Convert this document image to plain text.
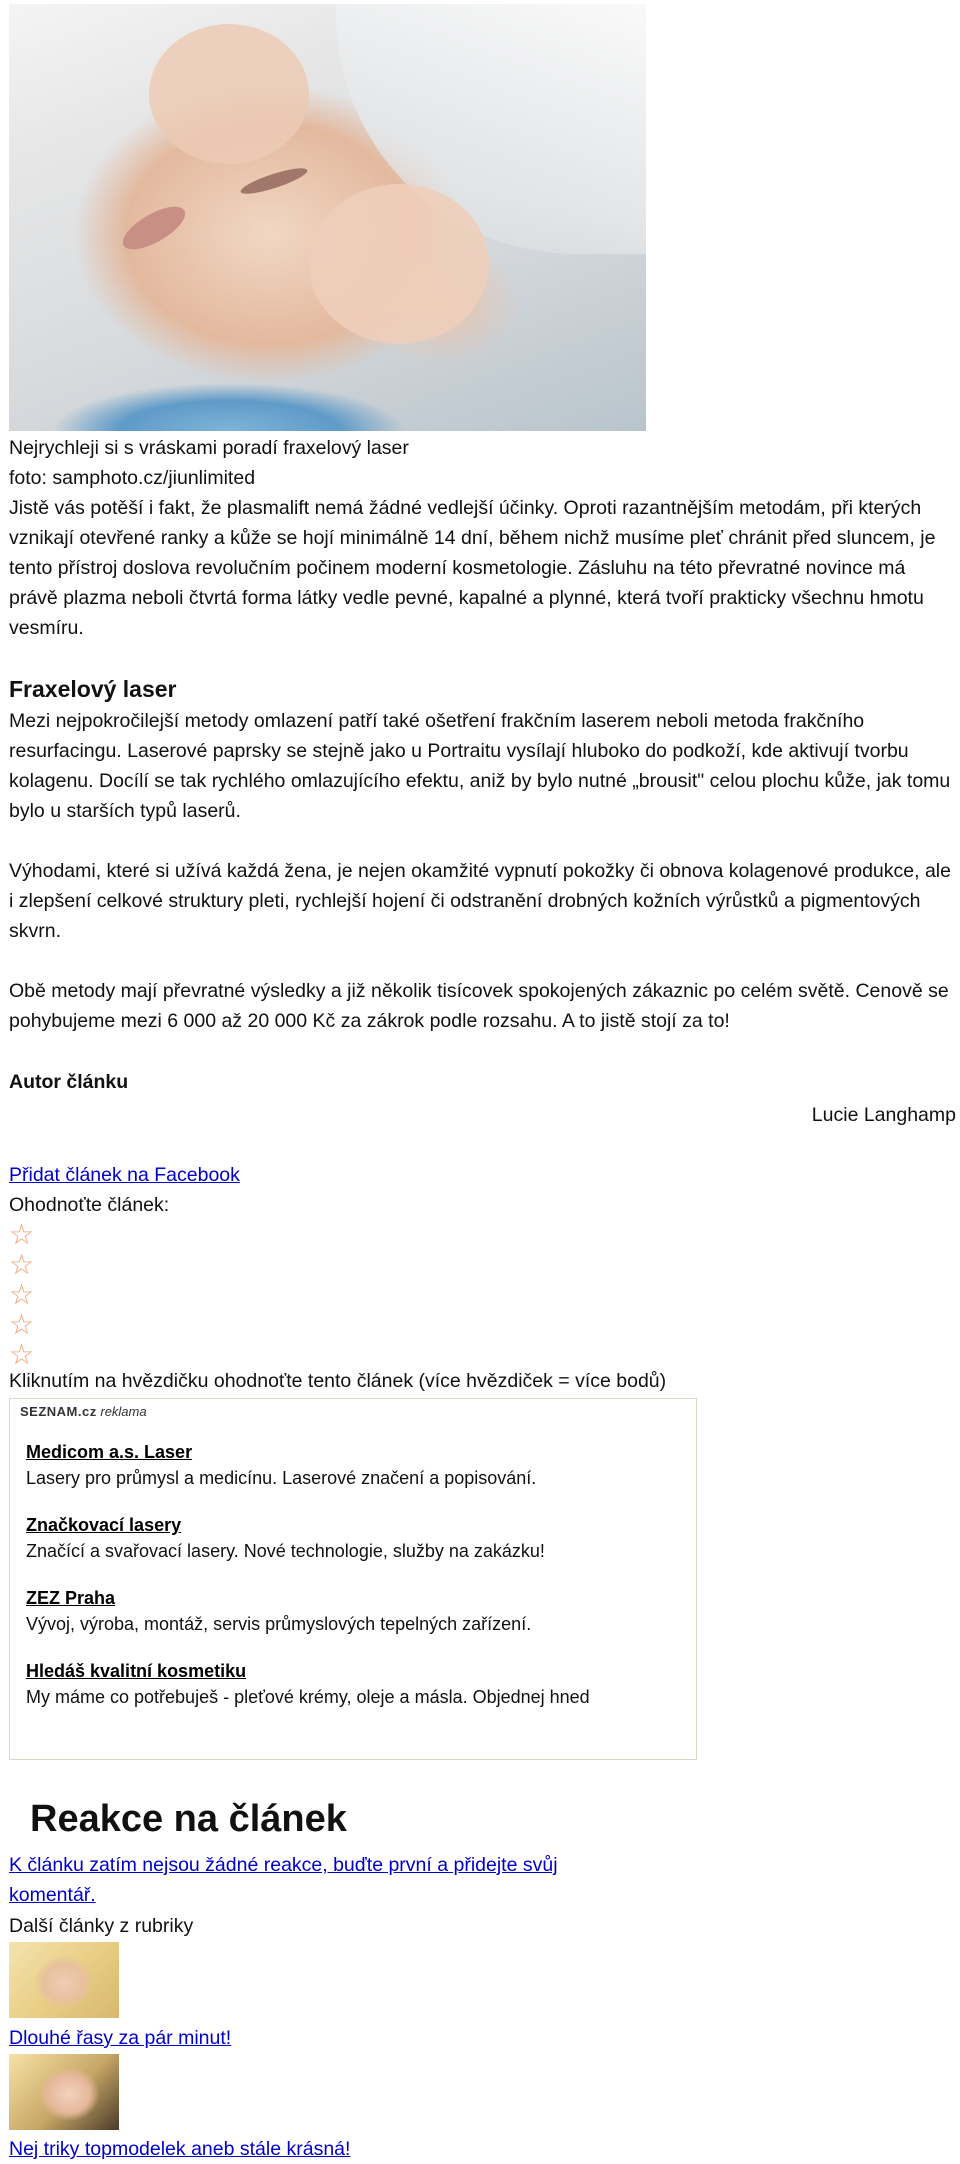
Nejrychleji si s vráskami poradí fraxelový laser
foto: samphoto.cz/jiunlimited

Jistě vás potěší i fakt, že plasmalift nemá žádné vedlejší účinky. Oproti razantnějším metodám, při kterých vznikají otevřené ranky a kůže se hojí minimálně 14 dní, během nichž musíme pleť chránit před sluncem, je tento přístroj doslova revolučním počinem moderní kosmetologie. Zásluhu na této převratné novince má právě plazma neboli čtvrtá forma látky vedle pevné, kapalné a plynné, která tvoří prakticky všechnu hmotu vesmíru.

Fraxelový laser

Mezi nejpokročilejší metody omlazení patří také ošetření frakčním laserem neboli metoda frakčního resurfacingu. Laserové paprsky se stejně jako u Portraitu vysílají hluboko do podkoží, kde aktivují tvorbu kolagenu. Docílí se tak rychlého omlazujícího efektu, aniž by bylo nutné „brousit" celou plochu kůže, jak tomu bylo u starších typů laserů.

Výhodami, které si užívá každá žena, je nejen okamžité vypnutí pokožky či obnova kolagenové produkce, ale i zlepšení celkové struktury pleti, rychlejší hojení či odstranění drobných kožních výrůstků a pigmentových skvrn.

Obě metody mají převratné výsledky a již několik tisícovek spokojených zákaznic po celém světě. Cenově se pohybujeme mezi 6 000 až 20 000 Kč za zákrok podle rozsahu. A to jistě stojí za to!

Autor článku
Lucie Langhamp
Přidat článek na Facebook
Ohodnoťte článek:
☆
☆
☆
☆
☆
Kliknutím na hvězdičku ohodnoťte tento článek (více hvězdiček = více bodů)
SEZNAM.cz reklama
Medicom a.s. Laser
Lasery pro průmysl a medicínu. Laserové značení a popisování.
Značkovací lasery
Značící a svařovací lasery. Nové technologie, služby na zakázku!
ZEZ Praha
Vývoj, výroba, montáž, servis průmyslových tepelných zařízení.
Hledáš kvalitní kosmetiku
My máme co potřebuješ - pleťové krémy, oleje a másla. Objednej hned
Reakce na článek
K článku zatím nejsou žádné reakce, buďte první a přidejte svůj komentář.
Další články z rubriky
Dlouhé řasy za pár minut!
Nej triky topmodelek aneb stále krásná!
